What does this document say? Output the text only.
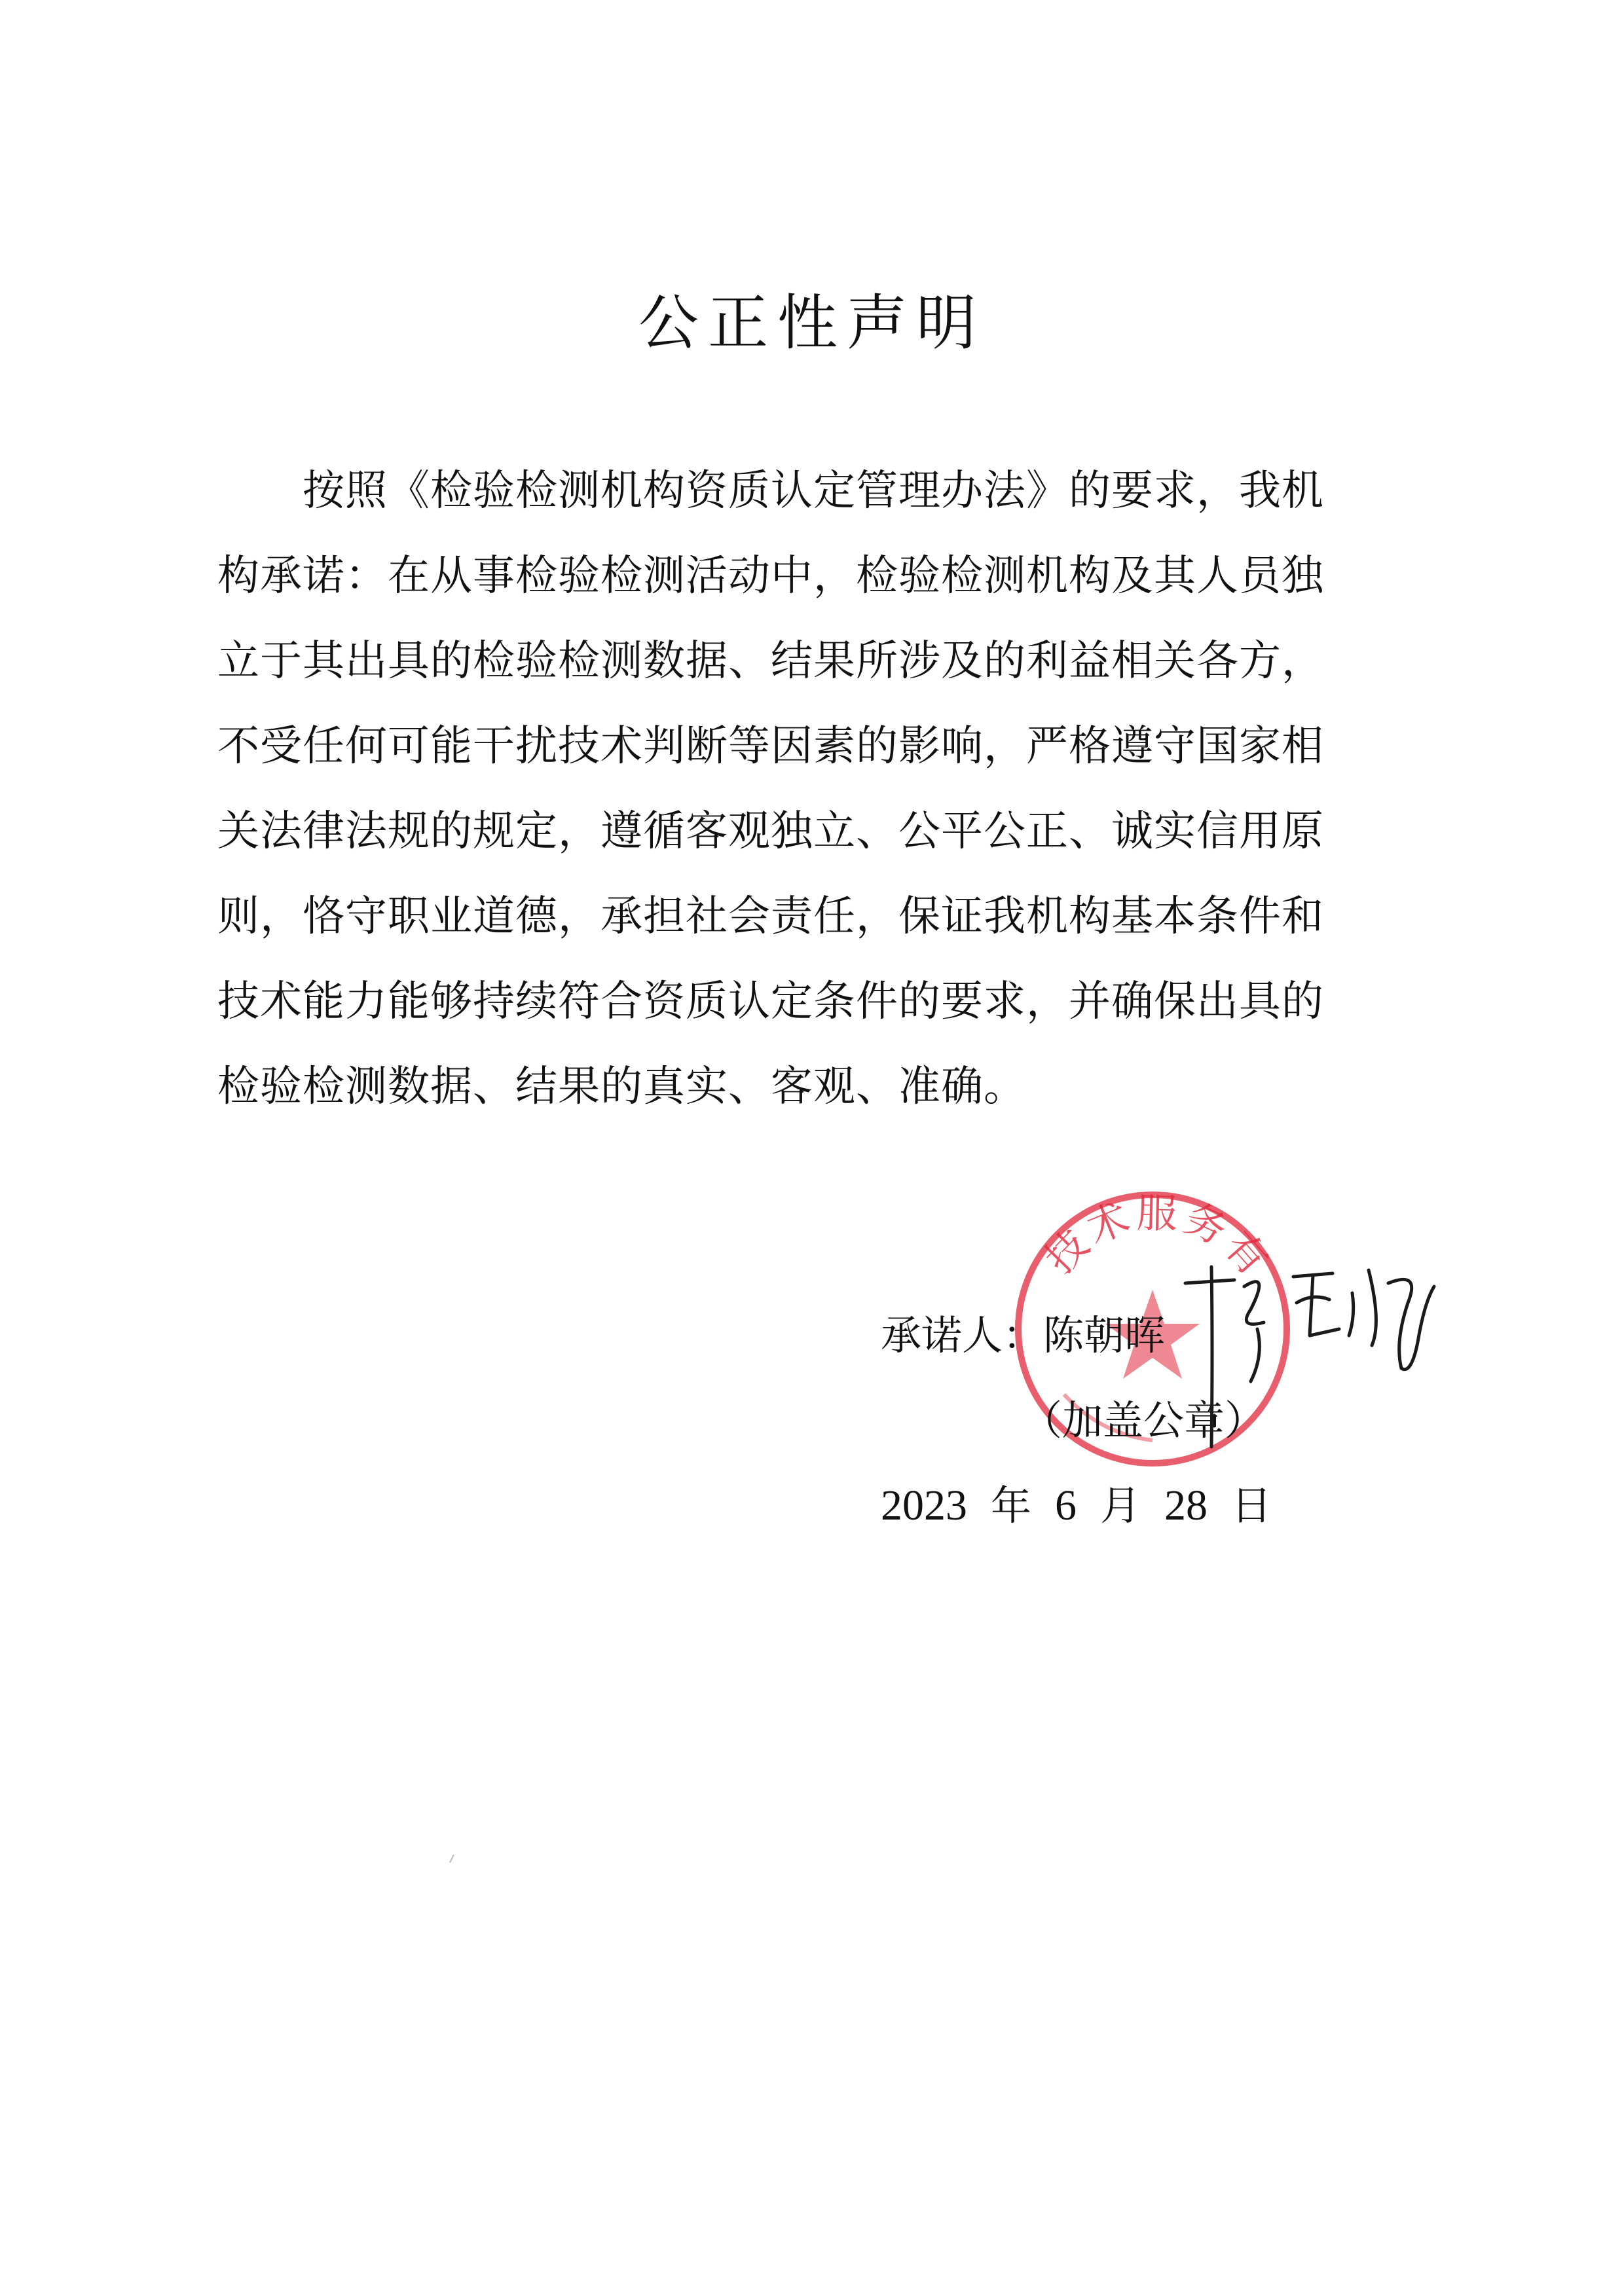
公正性声明
按照《检验检测机构资质认定管理办法》的要求，我机
构承诺：在从事检验检测活动中，检验检测机构及其人员独
立于其出具的检验检测数据、结果所涉及的利益相关各方，
不受任何可能干扰技术判断等因素的影响，严格遵守国家相
关法律法规的规定，遵循客观独立、公平公正、诚实信用原
则，恪守职业道德，承担社会责任，保证我机构基本条件和
技术能力能够持续符合资质认定条件的要求，并确保出具的
检验检测数据、结果的真实、客观、准确。
技术服务有
承诺人：陈朝晖
（加盖公章）
2023 年 6 月 28 日
